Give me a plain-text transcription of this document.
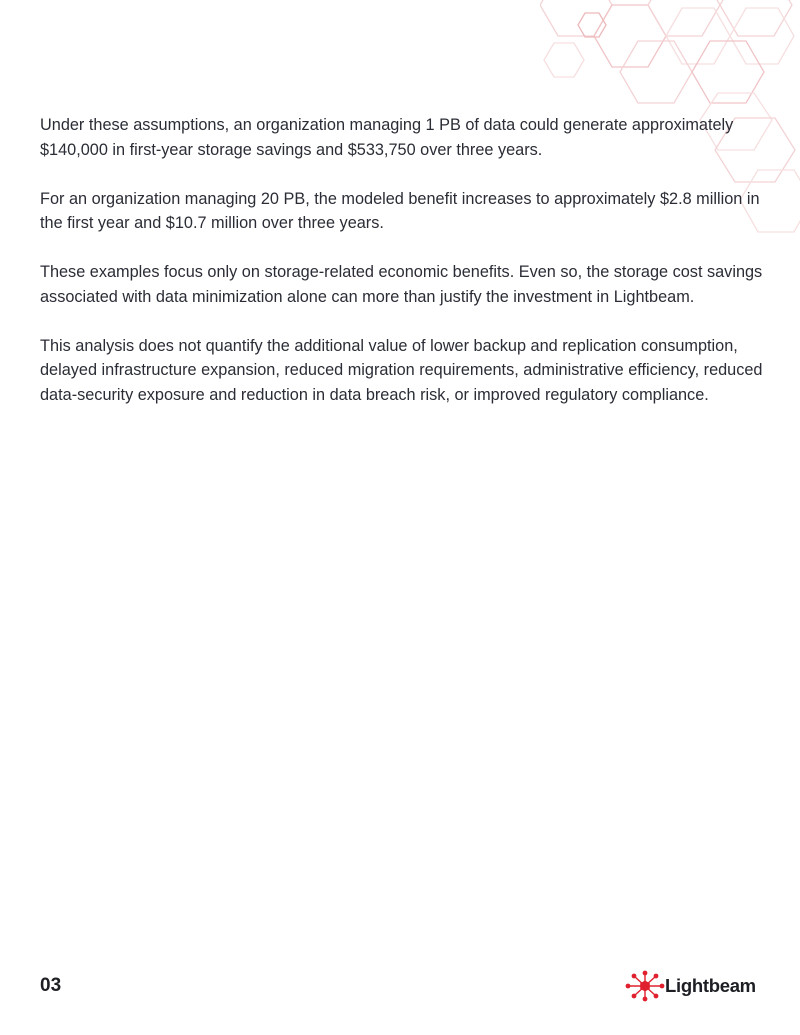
Under these assumptions, an organization managing 1 PB of data could generate approximately $140,000 in first-year storage savings and $533,750 over three years.

For an organization managing 20 PB, the modeled benefit increases to approximately $2.8 million in the first year and $10.7 million over three years.

These examples focus only on storage-related economic benefits. Even so, the storage cost savings associated with data minimization alone can more than justify the investment in Lightbeam.

This analysis does not quantify the additional value of lower backup and replication consumption, delayed infrastructure expansion, reduced migration requirements, administrative efficiency, reduced data-security exposure and reduction in data breach risk, or improved regulatory compliance.

03	Lightbeam
